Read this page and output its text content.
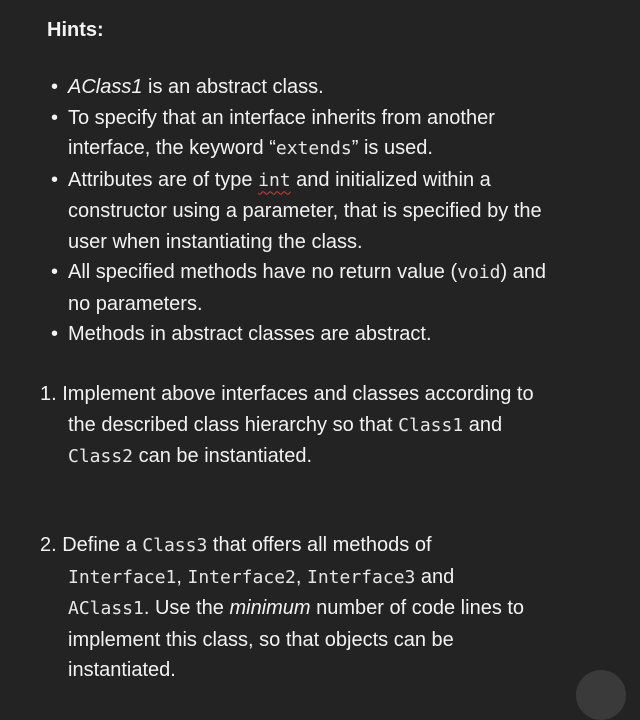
Hints:
• AClass1 is an abstract class.
• To specify that an interface inherits from another
interface, the keyword “extends” is used.
• Attributes are of type int and initialized within a
constructor using a parameter, that is specified by the
user when instantiating the class.
• All specified methods have no return value (void) and
no parameters.
• Methods in abstract classes are abstract.

1. Implement above interfaces and classes according to
the described class hierarchy so that Class1 and
Class2 can be instantiated.

2. Define a Class3 that offers all methods of
Interface1, Interface2, Interface3 and
AClass1. Use the minimum number of code lines to
implement this class, so that objects can be
instantiated.
